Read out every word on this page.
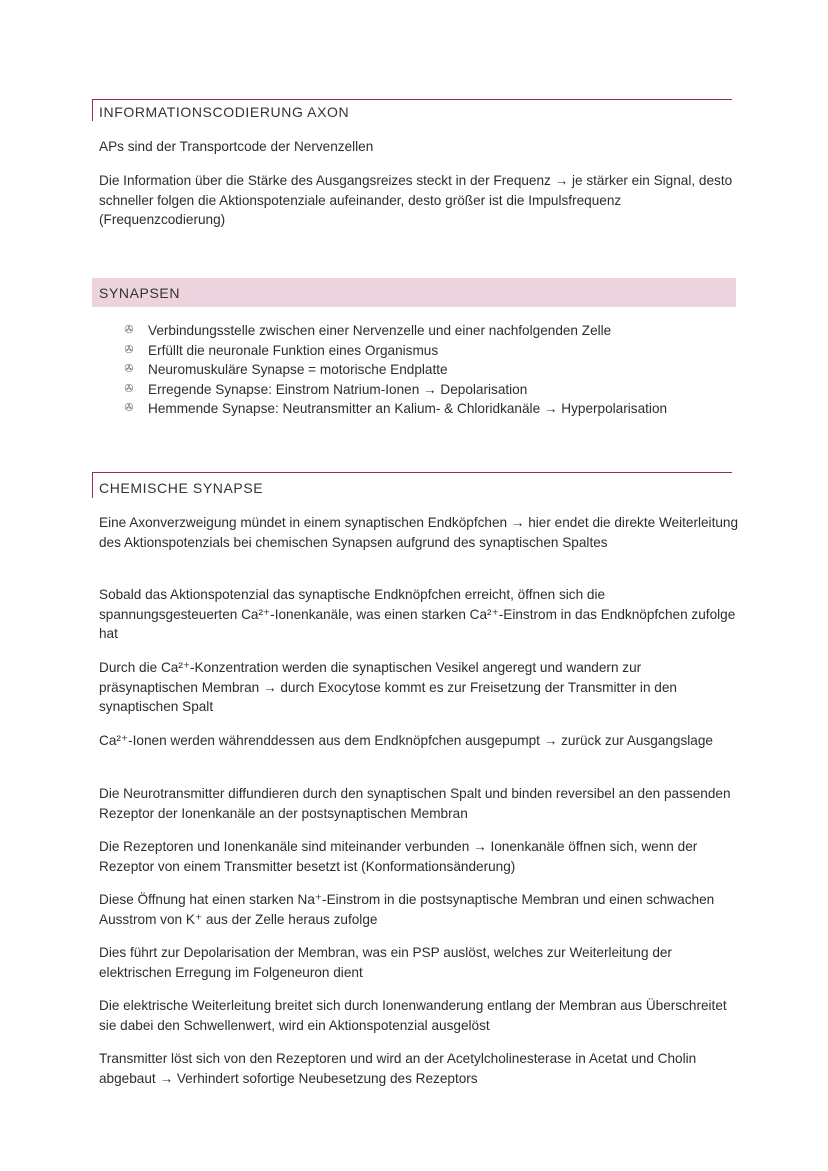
INFORMATIONSCODIERUNG AXON
APs sind der Transportcode der Nervenzellen
Die Information über die Stärke des Ausgangsreizes steckt in der Frequenz → je stärker ein Signal, desto schneller folgen die Aktionspotenziale aufeinander, desto größer ist die Impulsfrequenz (Frequenzcodierung)
SYNAPSEN
✇ Verbindungsstelle zwischen einer Nervenzelle und einer nachfolgenden Zelle
✇ Erfüllt die neuronale Funktion eines Organismus
✇ Neuromuskuläre Synapse = motorische Endplatte
✇ Erregende Synapse: Einstrom Natrium-Ionen → Depolarisation
✇ Hemmende Synapse: Neutransmitter an Kalium- & Chloridkanäle → Hyperpolarisation
CHEMISCHE SYNAPSE
Eine Axonverzweigung mündet in einem synaptischen Endköpfchen → hier endet die direkte Weiterleitung des Aktionspotenzials bei chemischen Synapsen aufgrund des synaptischen Spaltes
Sobald das Aktionspotenzial das synaptische Endknöpfchen erreicht, öffnen sich die spannungsgesteuerten Ca²⁺-Ionenkanäle, was einen starken Ca²⁺-Einstrom in das Endknöpfchen zufolge hat
Durch die Ca²⁺-Konzentration werden die synaptischen Vesikel angeregt und wandern zur präsynaptischen Membran → durch Exocytose kommt es zur Freisetzung der Transmitter in den synaptischen Spalt
Ca²⁺-Ionen werden währenddessen aus dem Endknöpfchen ausgepumpt → zurück zur Ausgangslage
Die Neurotransmitter diffundieren durch den synaptischen Spalt und binden reversibel an den passenden Rezeptor der Ionenkanäle an der postsynaptischen Membran
Die Rezeptoren und Ionenkanäle sind miteinander verbunden → Ionenkanäle öffnen sich, wenn der Rezeptor von einem Transmitter besetzt ist (Konformationsänderung)
Diese Öffnung hat einen starken Na⁺-Einstrom in die postsynaptische Membran und einen schwachen Ausstrom von K⁺ aus der Zelle heraus zufolge
Dies führt zur Depolarisation der Membran, was ein PSP auslöst, welches zur Weiterleitung der elektrischen Erregung im Folgeneuron dient
Die elektrische Weiterleitung breitet sich durch Ionenwanderung entlang der Membran aus Überschreitet sie dabei den Schwellenwert, wird ein Aktionspotenzial ausgelöst
Transmitter löst sich von den Rezeptoren und wird an der Acetylcholinesterase in Acetat und Cholin abgebaut → Verhindert sofortige Neubesetzung des Rezeptors
